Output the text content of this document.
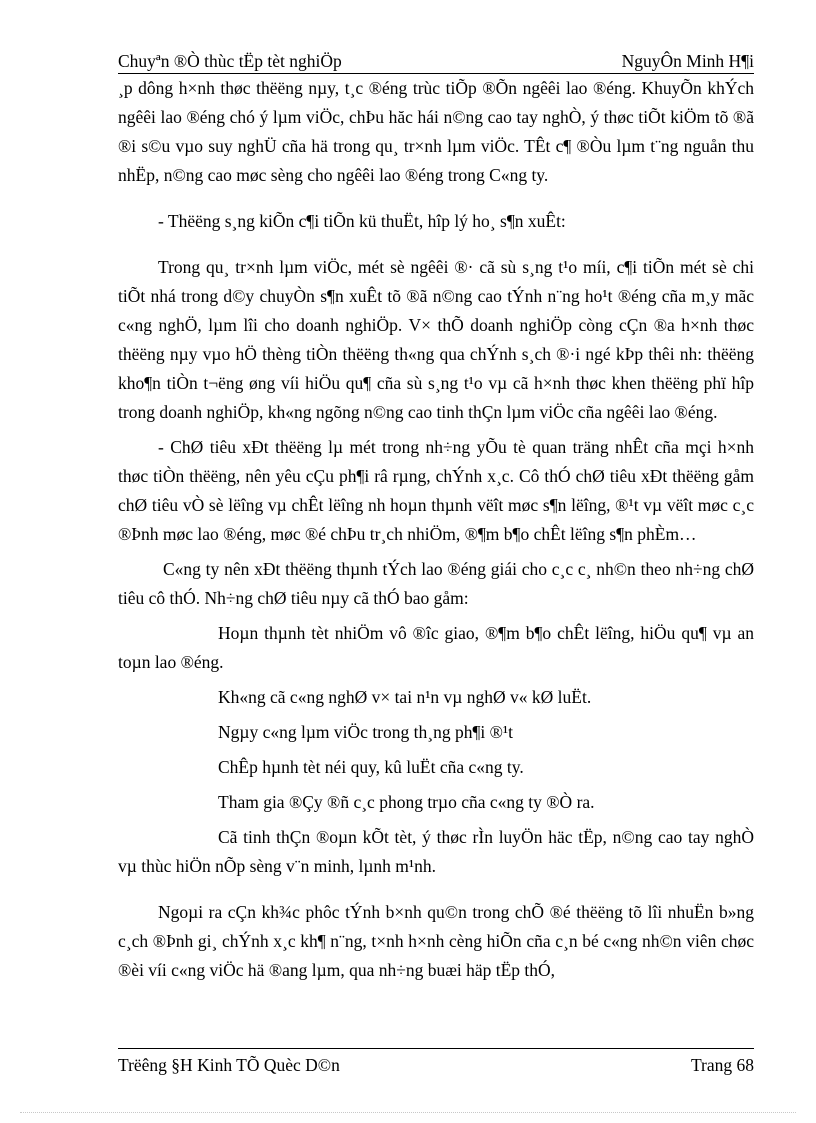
Chuyªn ®Ò thùc tËp tèt nghiÖp	NguyÔn Minh H¶i

¸p dông h×nh thøc thëëng nµy, t¸c ®éng trùc tiÕp ®Õn ngêêi lao ®éng. KhuyÕn khÝch ngêêi lao ®éng chó ý lµm viÖc, chÞu hăc hái n©ng cao tay nghÒ, ý thøc tiÕt kiÖm tõ ®ã ®i s©u vµo suy nghÜ cña hä trong qu¸ tr×nh lµm viÖc. TÊt c¶ ®Òu lµm t¨ng nguån thu nhËp, n©ng cao møc sèng cho ngêêi lao ®éng trong C«ng ty.

- Thëëng s¸ng kiÕn c¶i tiÕn kü thuËt, hîp lý ho¸ s¶n xuÊt:

Trong qu¸ tr×nh lµm viÖc, mét sè ngêêi ®· cã sù s¸ng t¹o míi, c¶i tiÕn mét sè chi tiÕt nhá trong d©y chuyÒn s¶n xuÊt tõ ®ã n©ng cao tÝnh n¨ng ho¹t ®éng cña m¸y mãc c«ng nghÖ, lµm lîi cho doanh nghiÖp. V× thÕ doanh nghiÖp còng cÇn ®a h×nh thøc thëëng nµy vµo hÖ thèng tiÒn thëëng th«ng qua chÝnh s¸ch ®·i ngé kÞp thêi nh: thëëng kho¶n tiÒn t¬ëng øng víi hiÖu qu¶ cña sù s¸ng t¹o vµ cã h×nh thøc khen thëëng phï hîp trong doanh nghiÖp, kh«ng ngõng n©ng cao tinh thÇn lµm viÖc cña ngêêi lao ®éng.

- ChØ tiêu xÐt thëëng lµ mét trong nh÷ng yÕu tè quan träng nhÊt cña mçi h×nh thøc tiÒn thëëng, nên yêu cÇu ph¶i râ rµng, chÝnh x¸c. Cô thÓ chØ tiêu xÐt thëëng gåm chØ tiêu vÒ sè lëîng vµ chÊt lëîng nh hoµn thµnh vëît møc s¶n lëîng, ®¹t vµ vëît møc c¸c ®Þnh møc lao ®éng, møc ®é chÞu tr¸ch nhiÖm, ®¶m b¶o chÊt lëîng s¶n phÈm…

C«ng ty nên xÐt thëëng thµnh tÝch lao ®éng giái cho c¸c c¸ nh©n theo nh÷ng chØ tiêu cô thÓ. Nh÷ng chØ tiêu nµy cã thÓ bao gåm:

Hoµn thµnh tèt nhiÖm vô ®îc giao, ®¶m b¶o chÊt lëîng, hiÖu qu¶ vµ an toµn lao ®éng.

Kh«ng cã c«ng nghØ v× tai n¹n vµ nghØ v« kØ luËt.

Ngµy c«ng lµm viÖc trong th¸ng ph¶i ®¹t

ChÊp hµnh tèt néi quy, kû luËt cña c«ng ty.

Tham gia ®Çy ®ñ c¸c phong trµo cña c«ng ty ®Ò ra.

Cã tinh thÇn ®oµn kÕt tèt, ý thøc rÌn luyÖn häc tËp, n©ng cao tay nghÒ vµ thùc hiÖn nÕp sèng v¨n minh, lµnh m¹nh.

Ngoµi ra cÇn kh¾c phôc tÝnh b×nh qu©n trong chÕ ®é thëëng tõ lîi nhuËn b»ng c¸ch ®Þnh gi¸ chÝnh x¸c kh¶ n¨ng, t×nh h×nh cèng hiÕn cña c¸n bé c«ng nh©n viên chøc ®èi víi c«ng viÖc hä ®ang lµm, qua nh÷ng buæi häp tËp thÓ,

Trëêng §H Kinh TÕ Quèc D©n	Trang 68
